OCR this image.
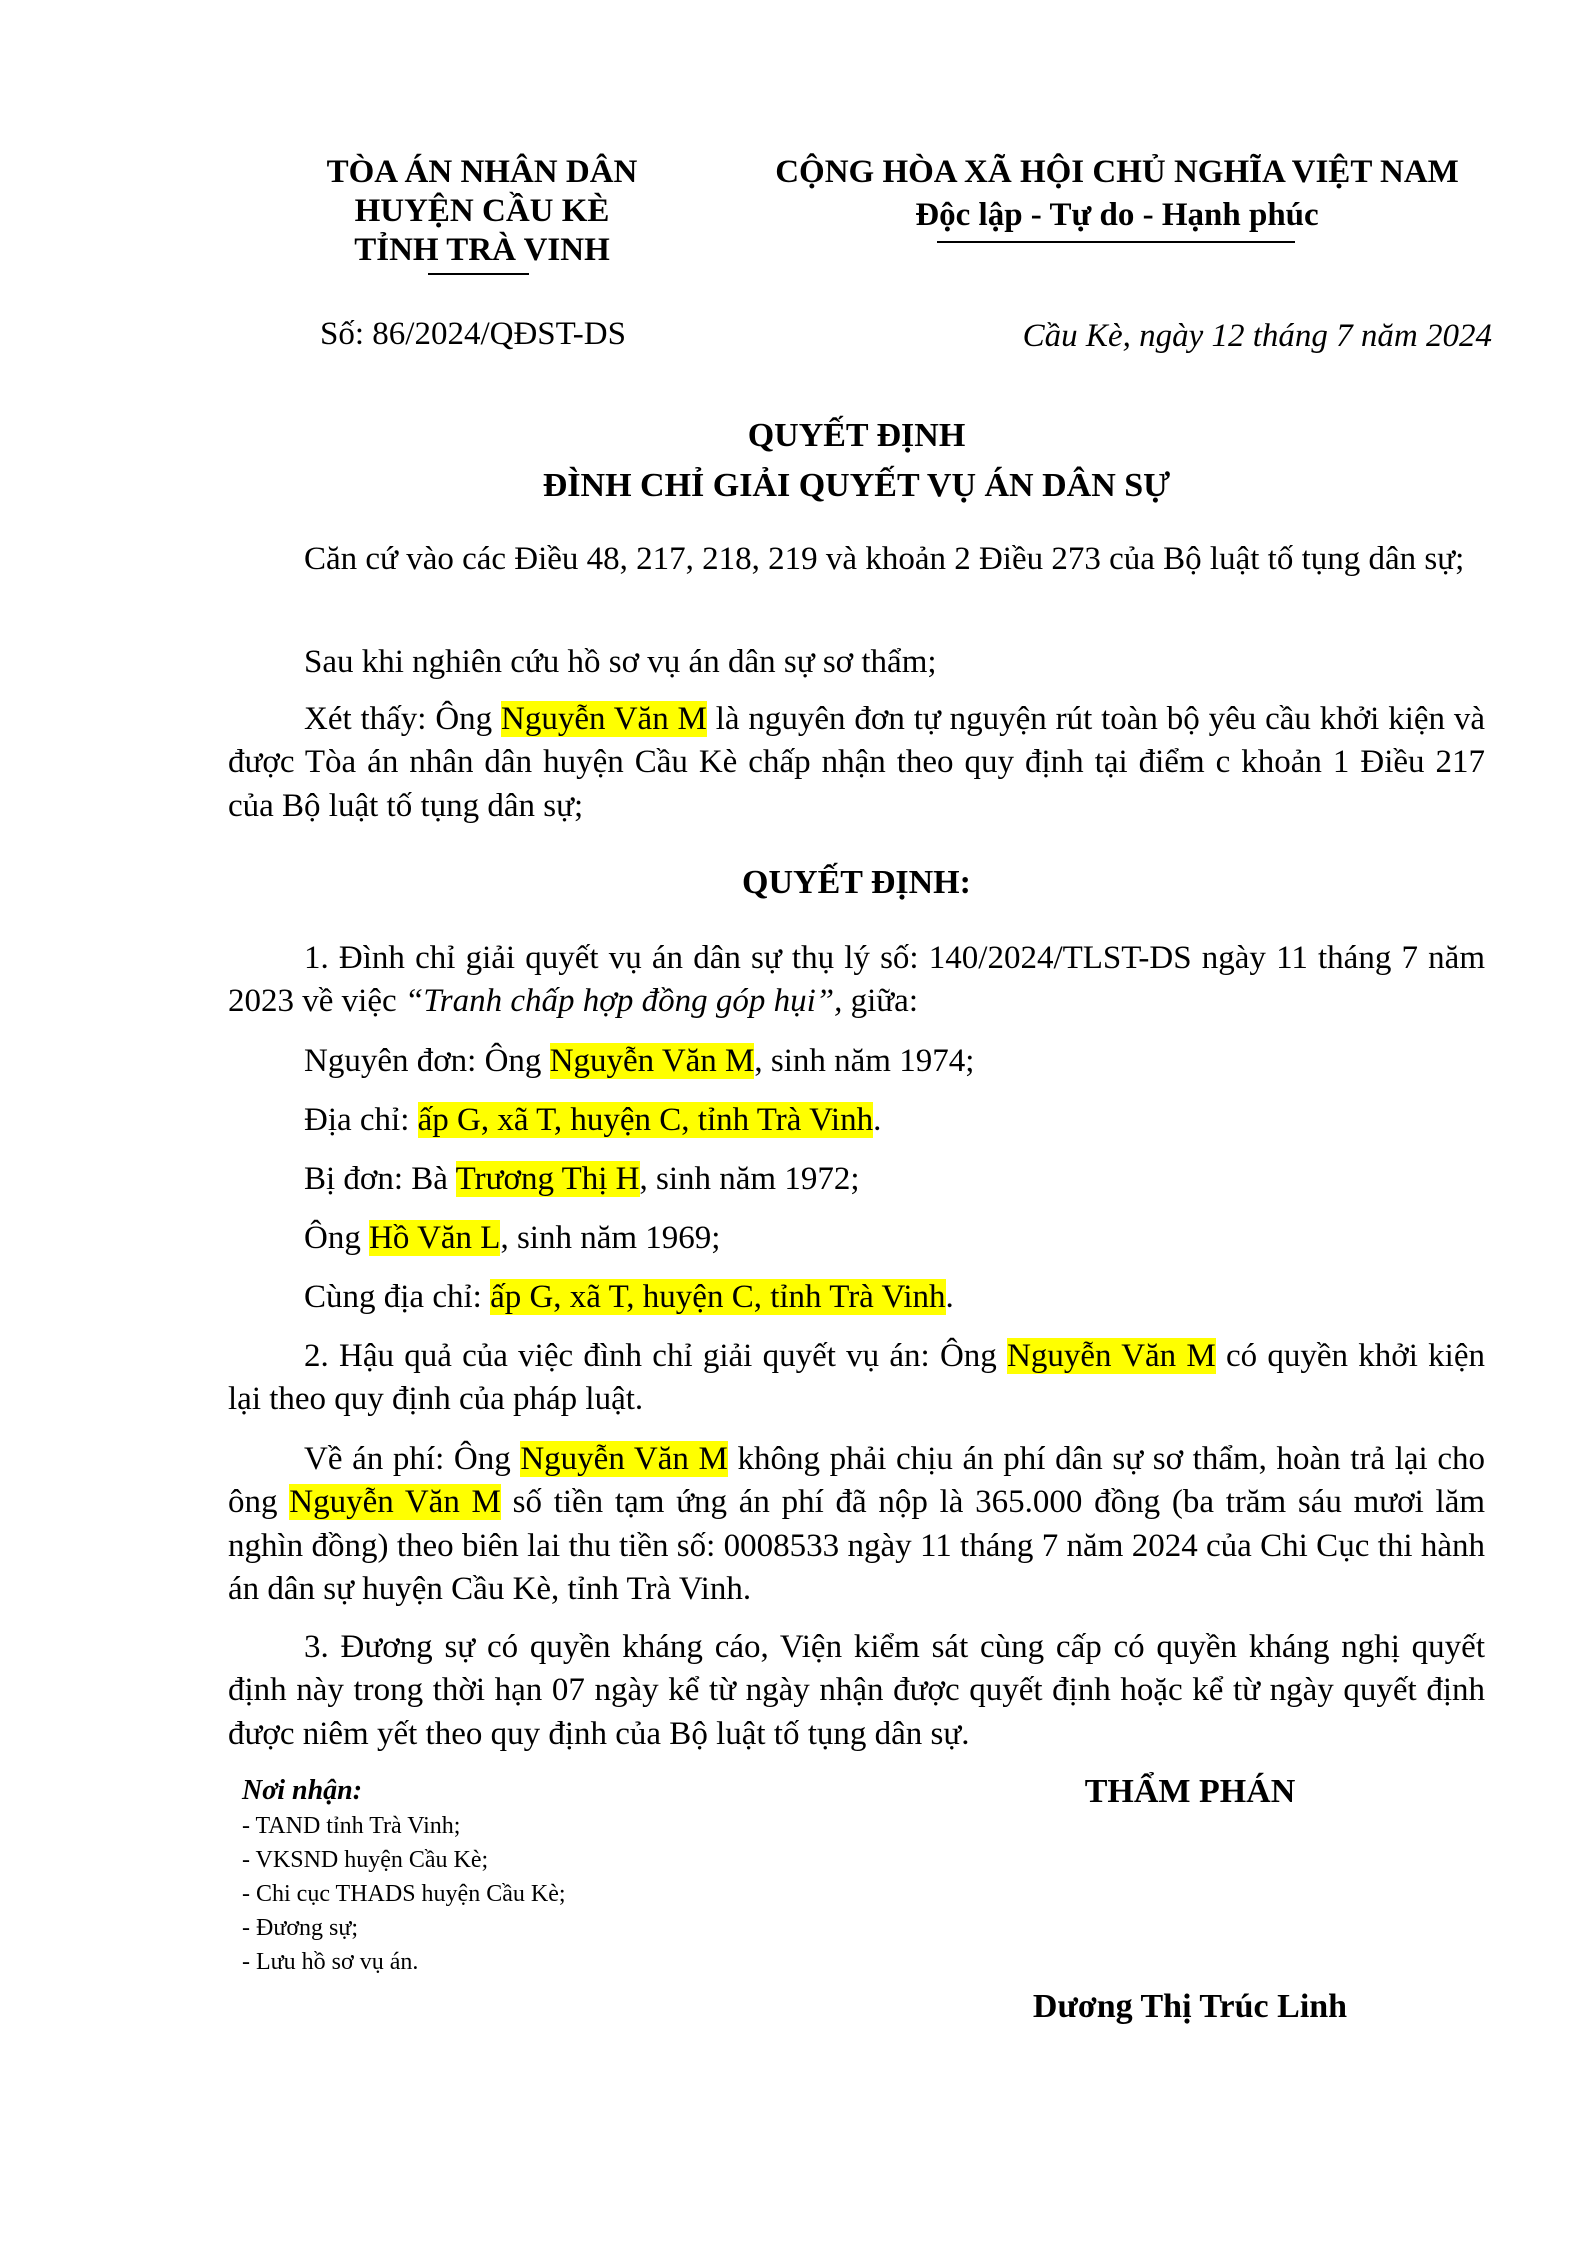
TÒA ÁN NHÂN DÂN
HUYỆN CẦU KÈ
TỈNH TRÀ VINH
CỘNG HÒA XÃ HỘI CHỦ NGHĨA VIỆT NAM
Độc lập - Tự do - Hạnh phúc
Số: 86/2024/QĐST-DS	Cầu Kè, ngày 12 tháng 7 năm 2024
QUYẾT ĐỊNH
ĐÌNH CHỈ GIẢI QUYẾT VỤ ÁN DÂN SỰ
Căn cứ vào các Điều 48, 217, 218, 219 và khoản 2 Điều 273 của Bộ luật tố tụng dân sự;
Sau khi nghiên cứu hồ sơ vụ án dân sự sơ thẩm;
Xét thấy: Ông Nguyễn Văn M là nguyên đơn tự nguyện rút toàn bộ yêu cầu khởi kiện và được Tòa án nhân dân huyện Cầu Kè chấp nhận theo quy định tại điểm c khoản 1 Điều 217 của Bộ luật tố tụng dân sự;
1. Đình chỉ giải quyết vụ án dân sự thụ lý số: 140/2024/TLST-DS ngày 11 tháng 7 năm 2023 về việc “Tranh chấp hợp đồng góp hụi”, giữa:
Nguyên đơn: Ông Nguyễn Văn M, sinh năm 1974;
Địa chỉ: ấp G, xã T, huyện C, tỉnh Trà Vinh.
Bị đơn: Bà Trương Thị H, sinh năm 1972;
Ông Hồ Văn L, sinh năm 1969;
Cùng địa chỉ: ấp G, xã T, huyện C, tỉnh Trà Vinh.
2. Hậu quả của việc đình chỉ giải quyết vụ án: Ông Nguyễn Văn M có quyền khởi kiện lại theo quy định của pháp luật.
Về án phí: Ông Nguyễn Văn M không phải chịu án phí dân sự sơ thẩm, hoàn trả lại cho ông Nguyễn Văn M số tiền tạm ứng án phí đã nộp là 365.000 đồng (ba trăm sáu mươi lăm nghìn đồng) theo biên lai thu tiền số: 0008533 ngày 11 tháng 7 năm 2024 của Chi Cục thi hành án dân sự huyện Cầu Kè, tỉnh Trà Vinh.
3. Đương sự có quyền kháng cáo, Viện kiểm sát cùng cấp có quyền kháng nghị quyết định này trong thời hạn 07 ngày kể từ ngày nhận được quyết định hoặc kể từ ngày quyết định được niêm yết theo quy định của Bộ luật tố tụng dân sự.
QUYẾT ĐỊNH:
Nơi nhận:
- TAND tỉnh Trà Vinh;
- VKSND huyện Cầu Kè;
- Chi cục THADS huyện Cầu Kè;
- Đương sự;
- Lưu hồ sơ vụ án.
THẨM PHÁN
Dương Thị Trúc Linh
